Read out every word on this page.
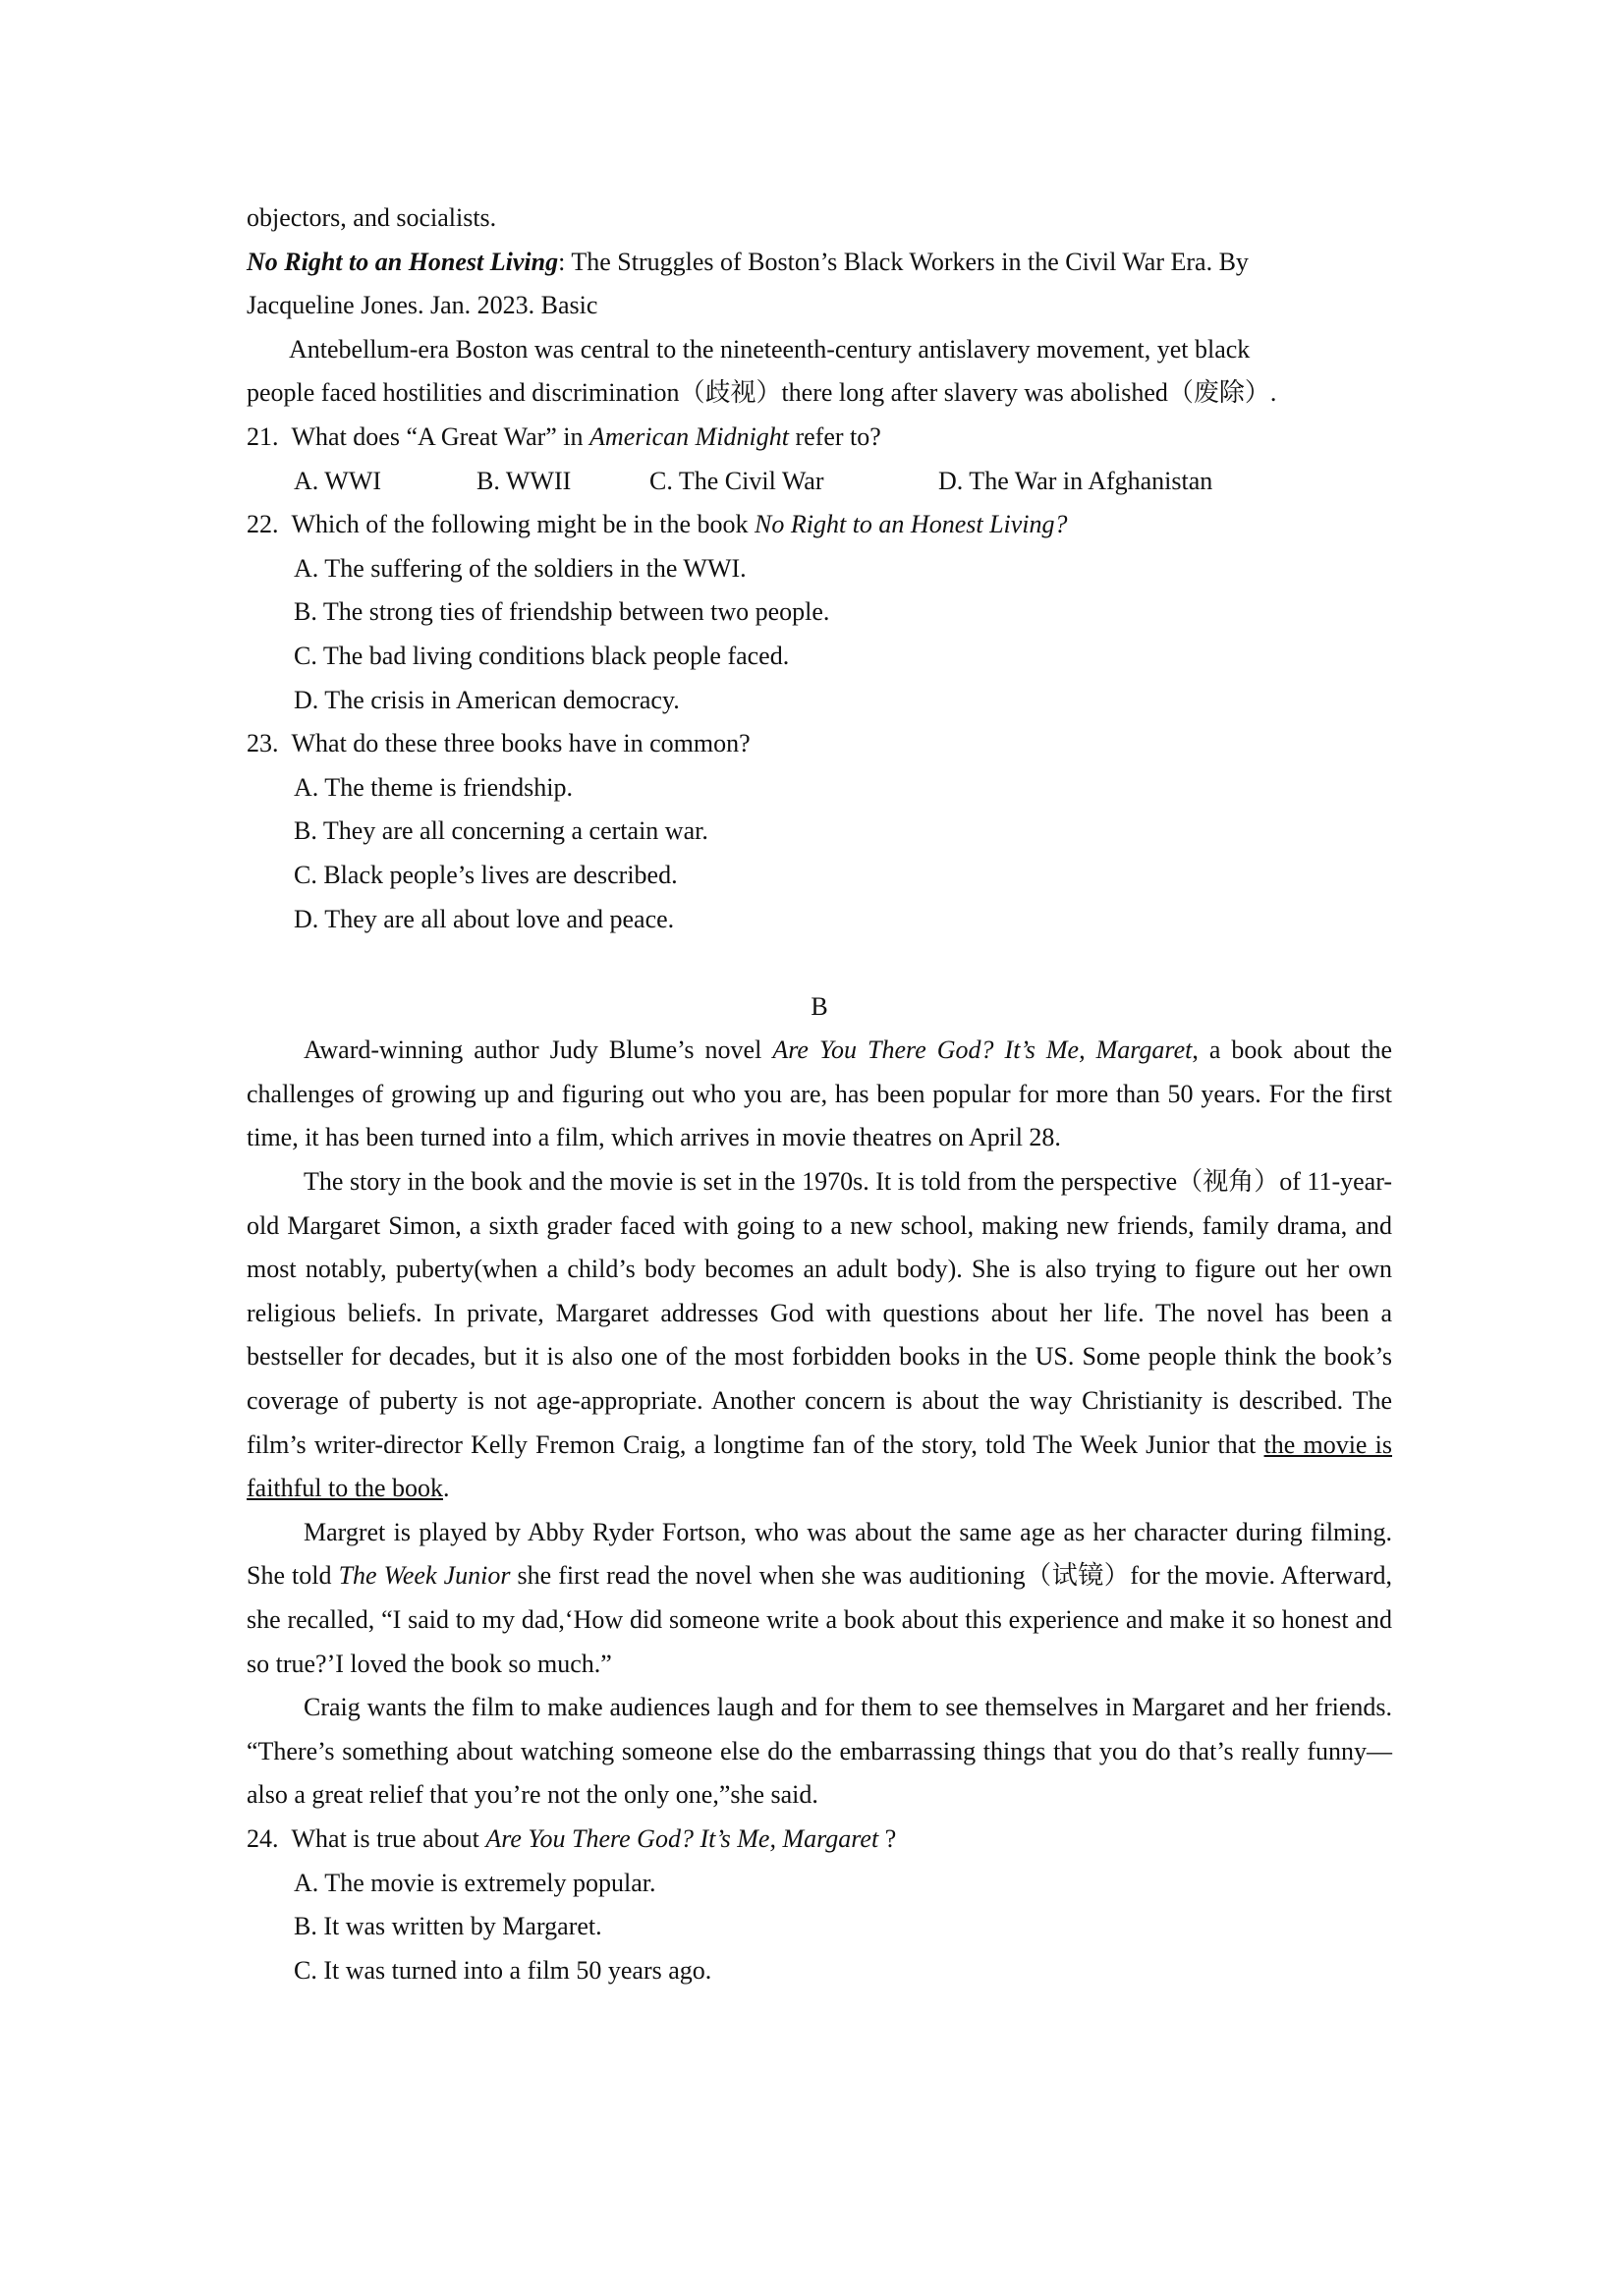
objectors, and socialists.
No Right to an Honest Living: The Struggles of Boston’s Black Workers in the Civil War Era. By
Jacqueline Jones. Jan. 2023. Basic
Antebellum-era Boston was central to the nineteenth-century antislavery movement, yet black
people faced hostilities and discrimination（歧视）there long after slavery was abolished（废除）.
21. What does “A Great War” in American Midnight refer to?
A. WWI	B. WWII	C. The Civil War	D. The War in Afghanistan
22. Which of the following might be in the book No Right to an Honest Living?
A. The suffering of the soldiers in the WWI.
B. The strong ties of friendship between two people.
C. The bad living conditions black people faced.
D. The crisis in American democracy.
23. What do these three books have in common?
A. The theme is friendship.
B. They are all concerning a certain war.
C. Black people’s lives are described.
D. They are all about love and peace.
B
Award-winning author Judy Blume’s novel Are You There God? It’s Me, Margaret, a book about the challenges of growing up and figuring out who you are, has been popular for more than 50 years. For the first time, it has been turned into a film, which arrives in movie theatres on April 28.
The story in the book and the movie is set in the 1970s. It is told from the perspective（视角）of 11-year-old Margaret Simon, a sixth grader faced with going to a new school, making new friends, family drama, and most notably, puberty(when a child’s body becomes an adult body). She is also trying to figure out her own religious beliefs. In private, Margaret addresses God with questions about her life. The novel has been a bestseller for decades, but it is also one of the most forbidden books in the US. Some people think the book’s coverage of puberty is not age-appropriate. Another concern is about the way Christianity is described. The film’s writer-director Kelly Fremon Craig, a longtime fan of the story, told The Week Junior that the movie is faithful to the book.
Margret is played by Abby Ryder Fortson, who was about the same age as her character during filming. She told The Week Junior she first read the novel when she was auditioning（试镜）for the movie. Afterward, she recalled, “I said to my dad,‘How did someone write a book about this experience and make it so honest and so true?’I loved the book so much.”
Craig wants the film to make audiences laugh and for them to see themselves in Margaret and her friends. “There’s something about watching someone else do the embarrassing things that you do that’s really funny—also a great relief that you’re not the only one,”she said.
24. What is true about Are You There God? It’s Me, Margaret ?
A. The movie is extremely popular.
B. It was written by Margaret.
C. It was turned into a film 50 years ago.
